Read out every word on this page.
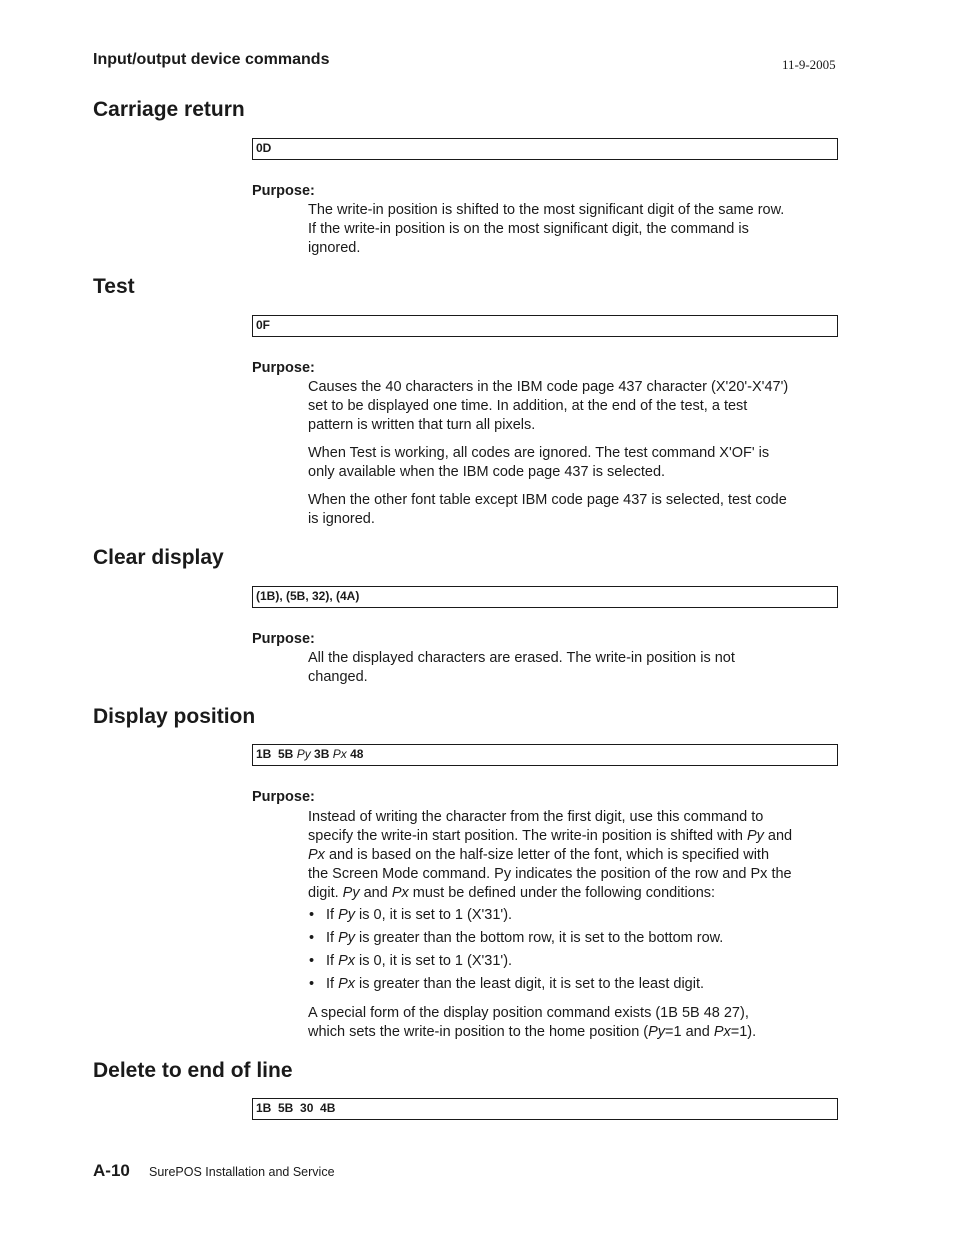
Input/output device commands	11-9-2005
Carriage return
0D
Purpose:
The write-in position is shifted to the most significant digit of the same row.
If the write-in position is on the most significant digit, the command is
ignored.
Test
0F
Purpose:
Causes the 40 characters in the IBM code page 437 character (X'20'-X'47')
set to be displayed one time. In addition, at the end of the test, a test
pattern is written that turn all pixels.
When Test is working, all codes are ignored. The test command X'OF' is
only available when the IBM code page 437 is selected.
When the other font table except IBM code page 437 is selected, test code
is ignored.
Clear display
(1B), (5B, 32), (4A)
Purpose:
All the displayed characters are erased. The write-in position is not
changed.
Display position
1B  5B Py 3B Px 48
Purpose:
Instead of writing the character from the first digit, use this command to
specify the write-in start position. The write-in position is shifted with Py and
Px and is based on the half-size letter of the font, which is specified with
the Screen Mode command. Py indicates the position of the row and Px the
digit. Py and Px must be defined under the following conditions:
• If Py is 0, it is set to 1 (X'31').
• If Py is greater than the bottom row, it is set to the bottom row.
• If Px is 0, it is set to 1 (X'31').
• If Px is greater than the least digit, it is set to the least digit.
A special form of the display position command exists (1B 5B 48 27),
which sets the write-in position to the home position (Py=1 and Px=1).
Delete to end of line
1B  5B  30  4B
A-10 SurePOS Installation and Service
